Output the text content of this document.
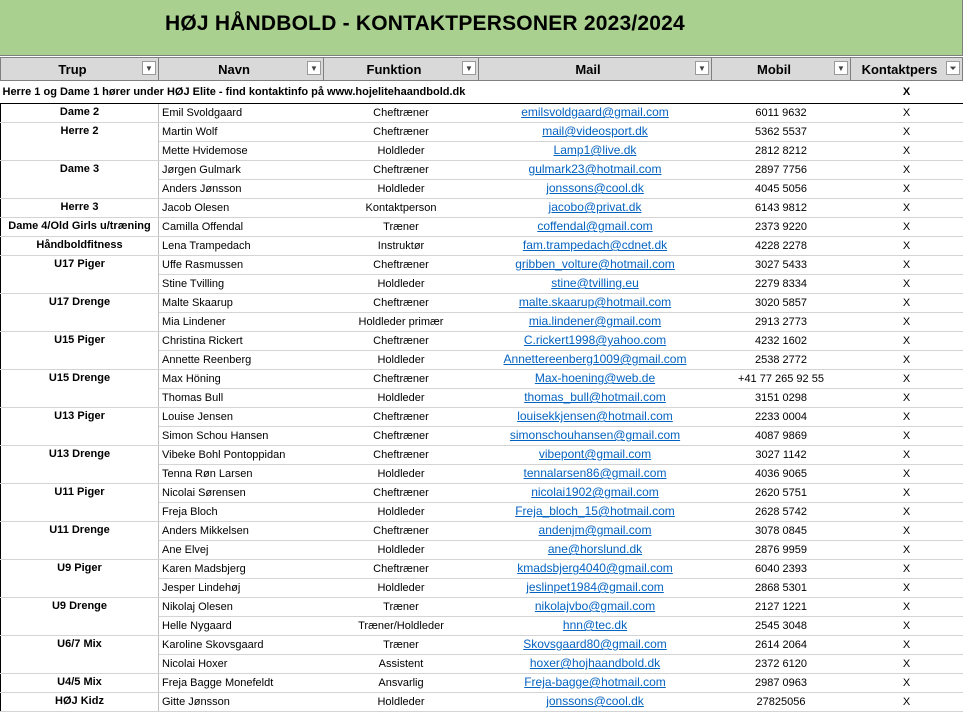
HØJ HÅNDBOLD - KONTAKTPERSONER 2023/2024
Trup ▼	Navn ▼	Funktion ▼	Mail ▼	Mobil ▼	Kontaktpers ⏷

Herre 1 og Dame 1 hører under HØJ Elite - find kontaktinfo på www.hojelitehaandbold.dk					X
Dame 2	Emil Svoldgaard	Cheftræner	emilsvoldgaard@gmail.com	6011 9632	X
Herre 2	Martin Wolf	Cheftræner	mail@videosport.dk	5362 5537	X
	Mette Hvidemose	Holdleder	Lamp1@live.dk	2812 8212	X
Dame 3	Jørgen Gulmark	Cheftræner	gulmark23@hotmail.com	2897 7756	X
	Anders Jønsson	Holdleder	jonssons@cool.dk	4045 5056	X
Herre 3	Jacob Olesen	Kontaktperson	jacobo@privat.dk	6143 9812	X
Dame 4/Old Girls u/træning	Camilla Offendal	Træner	coffendal@gmail.com	2373 9220	X
Håndboldfitness	Lena Trampedach	Instruktør	fam.trampedach@cdnet.dk	4228 2278	X
U17 Piger	Uffe Rasmussen	Cheftræner	gribben_volture@hotmail.com	3027 5433	X
	Stine Tvilling	Holdleder	stine@tvilling.eu	2279 8334	X
U17 Drenge	Malte Skaarup	Cheftræner	malte.skaarup@hotmail.com	3020 5857	X
	Mia Lindener	Holdleder primær	mia.lindener@gmail.com	2913 2773	X
U15 Piger	Christina Rickert	Cheftræner	C.rickert1998@yahoo.com	4232 1602	X
	Annette Reenberg	Holdleder	Annettereenberg1009@gmail.com	2538 2772	X
U15 Drenge	Max Höning	Cheftræner	Max-hoening@web.de	+41 77 265 92 55	X
	Thomas Bull	Holdleder	thomas_bull@hotmail.com	3151 0298	X
U13 Piger	Louise Jensen	Cheftræner	louisekkjensen@hotmail.com	2233 0004	X
	Simon Schou Hansen	Cheftræner	simonschouhansen@gmail.com	4087 9869	X
U13 Drenge	Vibeke Bohl Pontoppidan	Cheftræner	vibepont@gmail.com	3027 1142	X
	Tenna Røn Larsen	Holdleder	tennalarsen86@gmail.com	4036 9065	X
U11 Piger	Nicolai Sørensen	Cheftræner	nicolai1902@gmail.com	2620 5751	X
	Freja Bloch	Holdleder	Freja_bloch_15@hotmail.com	2628 5742	X
U11 Drenge	Anders Mikkelsen	Cheftræner	andenjm@gmail.com	3078 0845	X
	Ane Elvej	Holdleder	ane@horslund.dk	2876 9959	X
U9 Piger	Karen Madsbjerg	Cheftræner	kmadsbjerg4040@gmail.com	6040 2393	X
	Jesper Lindehøj	Holdleder	jeslinpet1984@gmail.com	2868 5301	X
U9 Drenge	Nikolaj Olesen	Træner	nikolajvbo@gmail.com	2127 1221	X
	Helle Nygaard	Træner/Holdleder	hnn@tec.dk	2545 3048	X
U6/7 Mix	Karoline Skovsgaard	Træner	Skovsgaard80@gmail.com	2614 2064	X
	Nicolai Hoxer	Assistent	hoxer@hojhaandbold.dk	2372 6120	X
U4/5 Mix	Freja Bagge Monefeldt	Ansvarlig	Freja-bagge@hotmail.com	2987 0963	X
HØJ Kidz	Gitte Jønsson	Holdleder	jonssons@cool.dk	27825056	X
